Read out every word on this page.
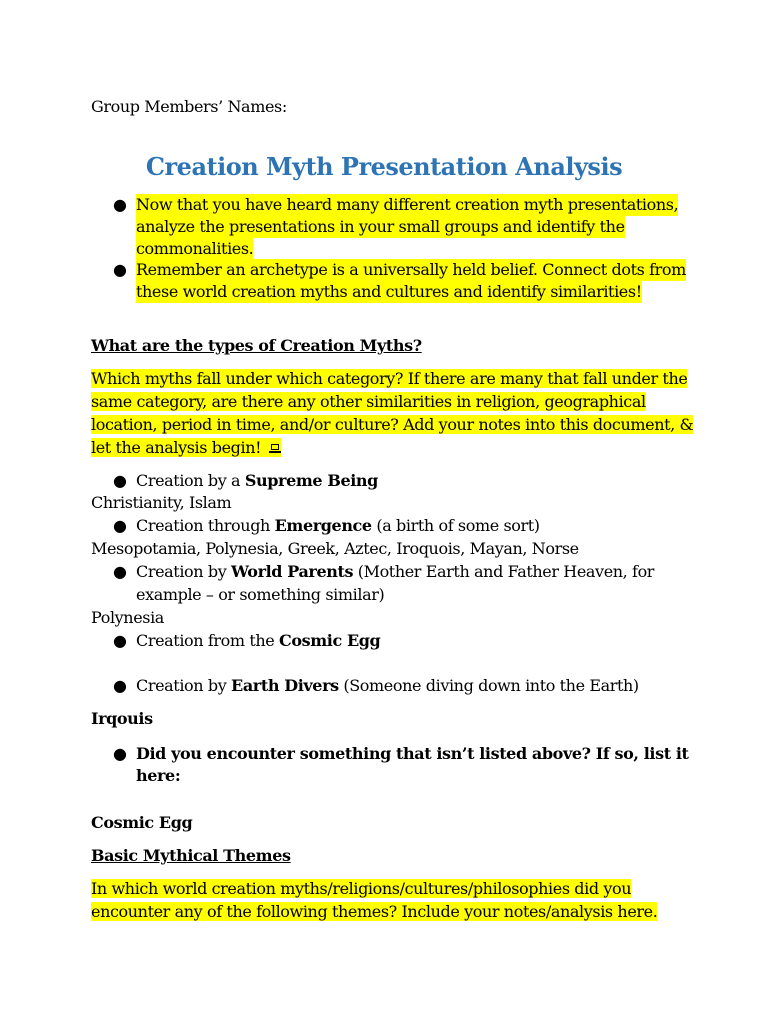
Group Members’ Names:
Creation Myth Presentation Analysis
● Now that you have heard many different creation myth presentations,
analyze the presentations in your small groups and identify the
commonalities.
● Remember an archetype is a universally held belief. Connect dots from
these world creation myths and cultures and identify similarities!
What are the types of Creation Myths?
Which myths fall under which category? If there are many that fall under the
same category, are there any other similarities in religion, geographical
location, period in time, and/or culture? Add your notes into this document, &
let the analysis begin!
● Creation by a Supreme Being
Christianity, Islam
● Creation through Emergence (a birth of some sort)
Mesopotamia, Polynesia, Greek, Aztec, Iroquois, Mayan, Norse
● Creation by World Parents (Mother Earth and Father Heaven, for
example – or something similar)
Polynesia
● Creation from the Cosmic Egg
● Creation by Earth Divers (Someone diving down into the Earth)
Irqouis
● Did you encounter something that isn’t listed above? If so, list it
here:
Cosmic Egg
Basic Mythical Themes
In which world creation myths/religions/cultures/philosophies did you
encounter any of the following themes? Include your notes/analysis here.
